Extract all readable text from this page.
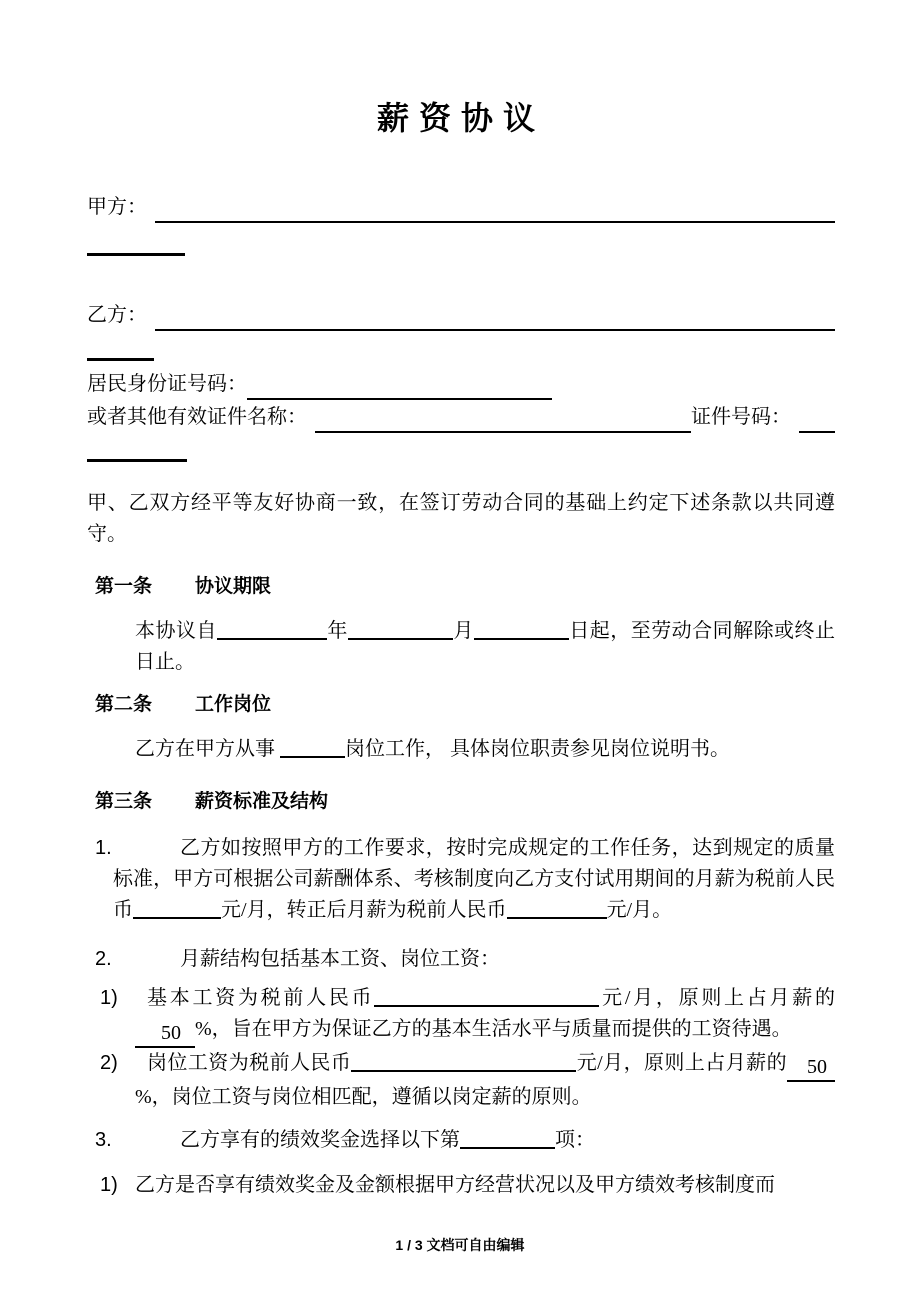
薪资协议
甲方：
乙方：
居民身份证号码：
或者其他有效证件名称：	证件号码：

甲、乙双方经平等友好协商一致，在签订劳动合同的基础上约定下述条款以共同遵守。

第一条 协议期限

本协议自	年	月	日起，至劳动合同解除或终止日止。

第二条 工作岗位

乙方在甲方从事	岗位工作， 具体岗位职责参见岗位说明书。

第三条 薪资标准及结构
1.	乙方如按照甲方的工作要求，按时完成规定的工作任务，达到规定的质量标准，甲方可根据公司薪酬体系、考核制度向乙方支付试用期间的月薪为税前人民币	元/月，转正后月薪为税前人民币	元/月。
2.	月薪结构包括基本工资、岗位工资：
1) 基本工资为税前人民币	元/月，原则上占月薪的50 %，旨在甲方为保证乙方的基本生活水平与质量而提供的工资待遇。
2) 岗位工资为税前人民币	元/月，原则上占月薪的 50%，岗位工资与岗位相匹配，遵循以岗定薪的原则。
3.	乙方享有的绩效奖金选择以下第	项：
1) 乙方是否享有绩效奖金及金额根据甲方经营状况以及甲方绩效考核制度而
1 / 3 文档可自由编辑
